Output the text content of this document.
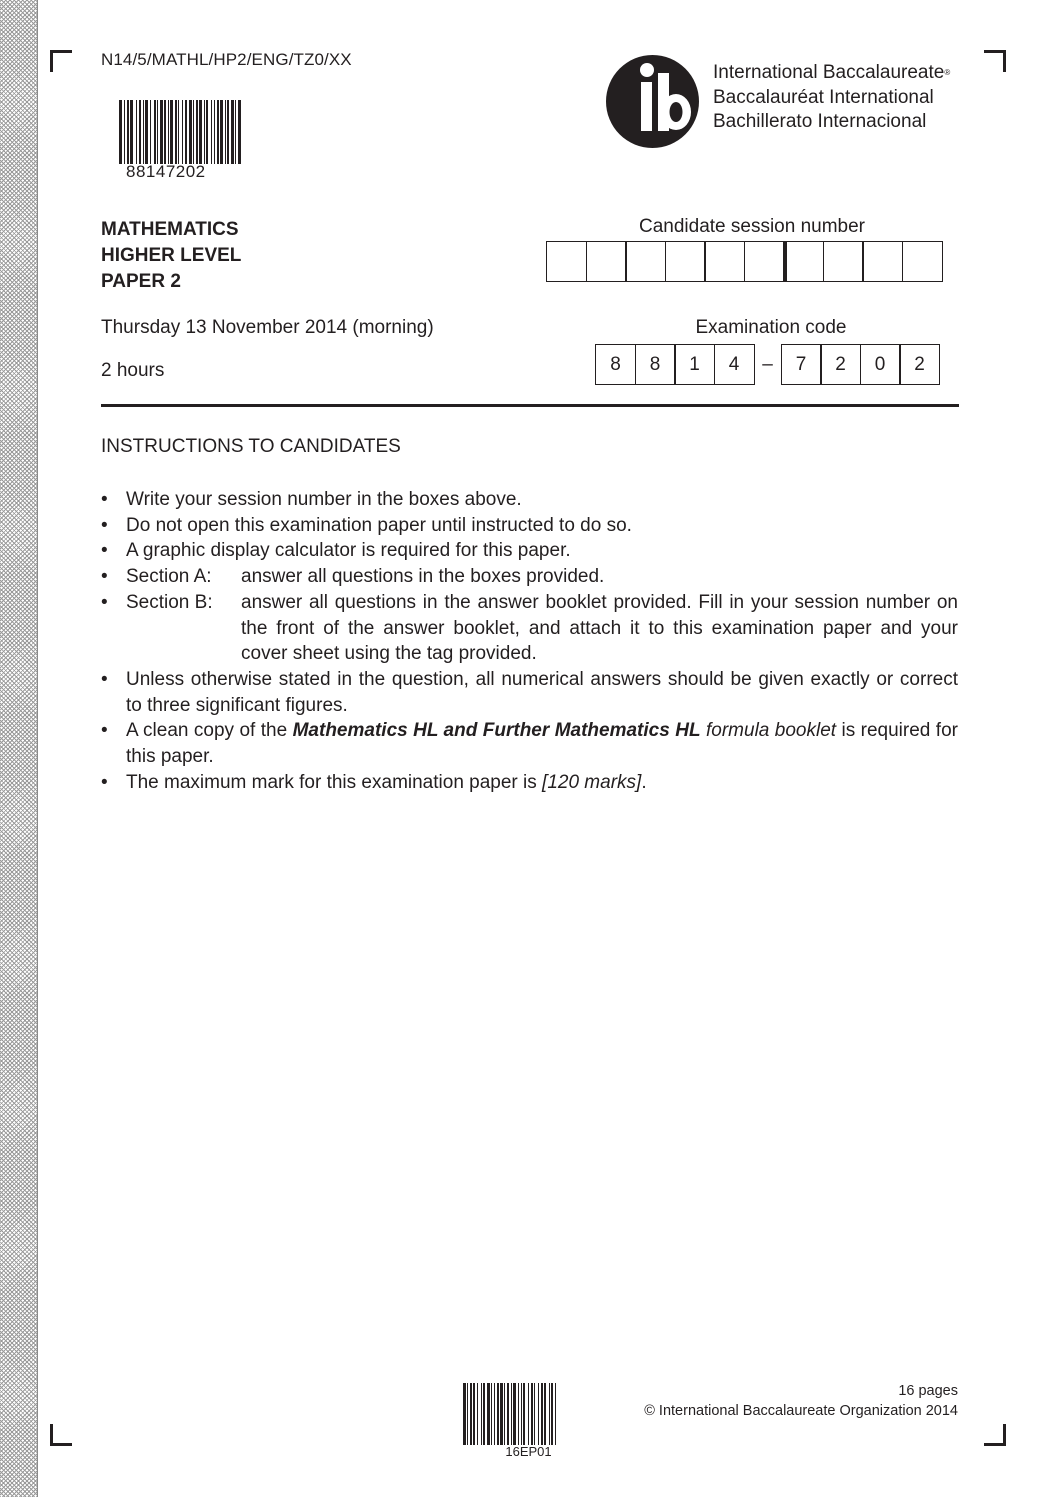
N14/5/MATHL/HP2/ENG/TZ0/XX
88147202
International Baccalaureate®
Baccalauréat International
Bachillerato Internacional
MATHEMATICS
HIGHER LEVEL
PAPER 2
Candidate session number
Thursday 13 November 2014 (morning)
2 hours
Examination code
8	8	1	4	–	7	2	0	2
INSTRUCTIONS TO CANDIDATES
• Write your session number in the boxes above.
• Do not open this examination paper until instructed to do so.
• A graphic display calculator is required for this paper.
• Section A:	answer all questions in the boxes provided.
• Section B:	answer all questions in the answer booklet provided. Fill in your session number on the front of the answer booklet, and attach it to this examination paper and your cover sheet using the tag provided.
• Unless otherwise stated in the question, all numerical answers should be given exactly or correct to three significant figures.
• A clean copy of the Mathematics HL and Further Mathematics HL formula booklet is required for this paper.
• The maximum mark for this examination paper is [120 marks].
16EP01
16 pages
© International Baccalaureate Organization 2014
